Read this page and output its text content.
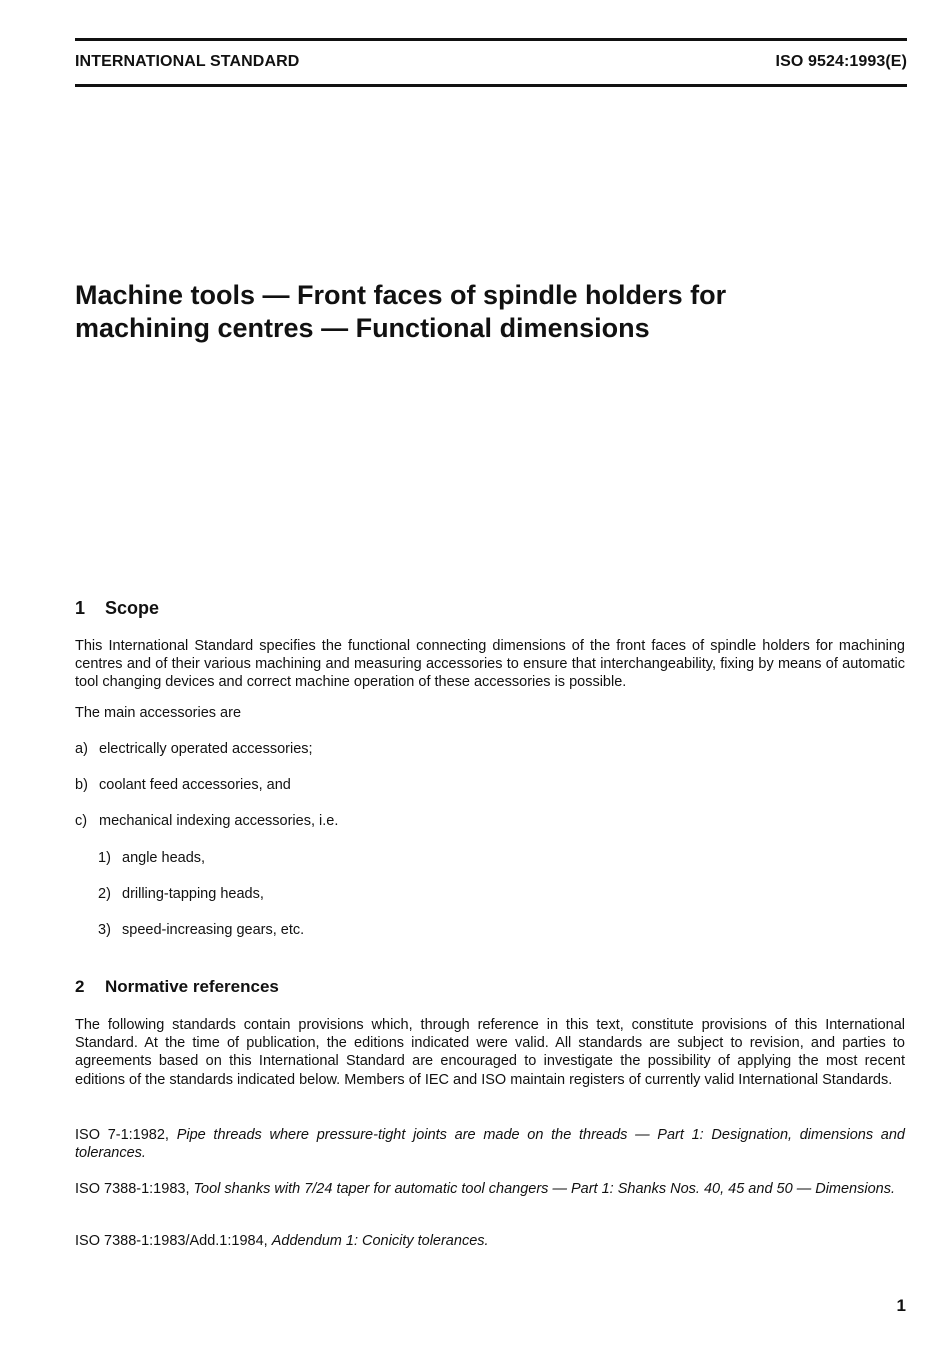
INTERNATIONAL STANDARD	ISO 9524:1993(E)
Machine tools — Front faces of spindle holders for
machining centres — Functional dimensions
1 Scope
This International Standard specifies the functional connecting dimensions of the front faces of spindle holders for machining centres and of their various machining and measuring accessories to ensure that interchangeability, fixing by means of automatic tool changing devices and correct machine operation of these accessories is possible.
The main accessories are
a) electrically operated accessories;
b) coolant feed accessories, and
c) mechanical indexing accessories, i.e.
1) angle heads,
2) drilling-tapping heads,
3) speed-increasing gears, etc.
2 Normative references
The following standards contain provisions which, through reference in this text, constitute provisions of this International Standard. At the time of publication, the editions indicated were valid. All standards are subject to revision, and parties to agreements based on this International Standard are encouraged to investigate the possibility of applying the most recent editions of the standards indicated below. Members of IEC and ISO maintain registers of currently valid International Standards.
ISO 7-1:1982, Pipe threads where pressure-tight joints are made on the threads — Part 1: Designation, dimensions and tolerances.
ISO 7388-1:1983, Tool shanks with 7/24 taper for automatic tool changers — Part 1: Shanks Nos. 40, 45 and 50 — Dimensions.
ISO 7388-1:1983/Add.1:1984, Addendum 1: Conicity tolerances.
1
